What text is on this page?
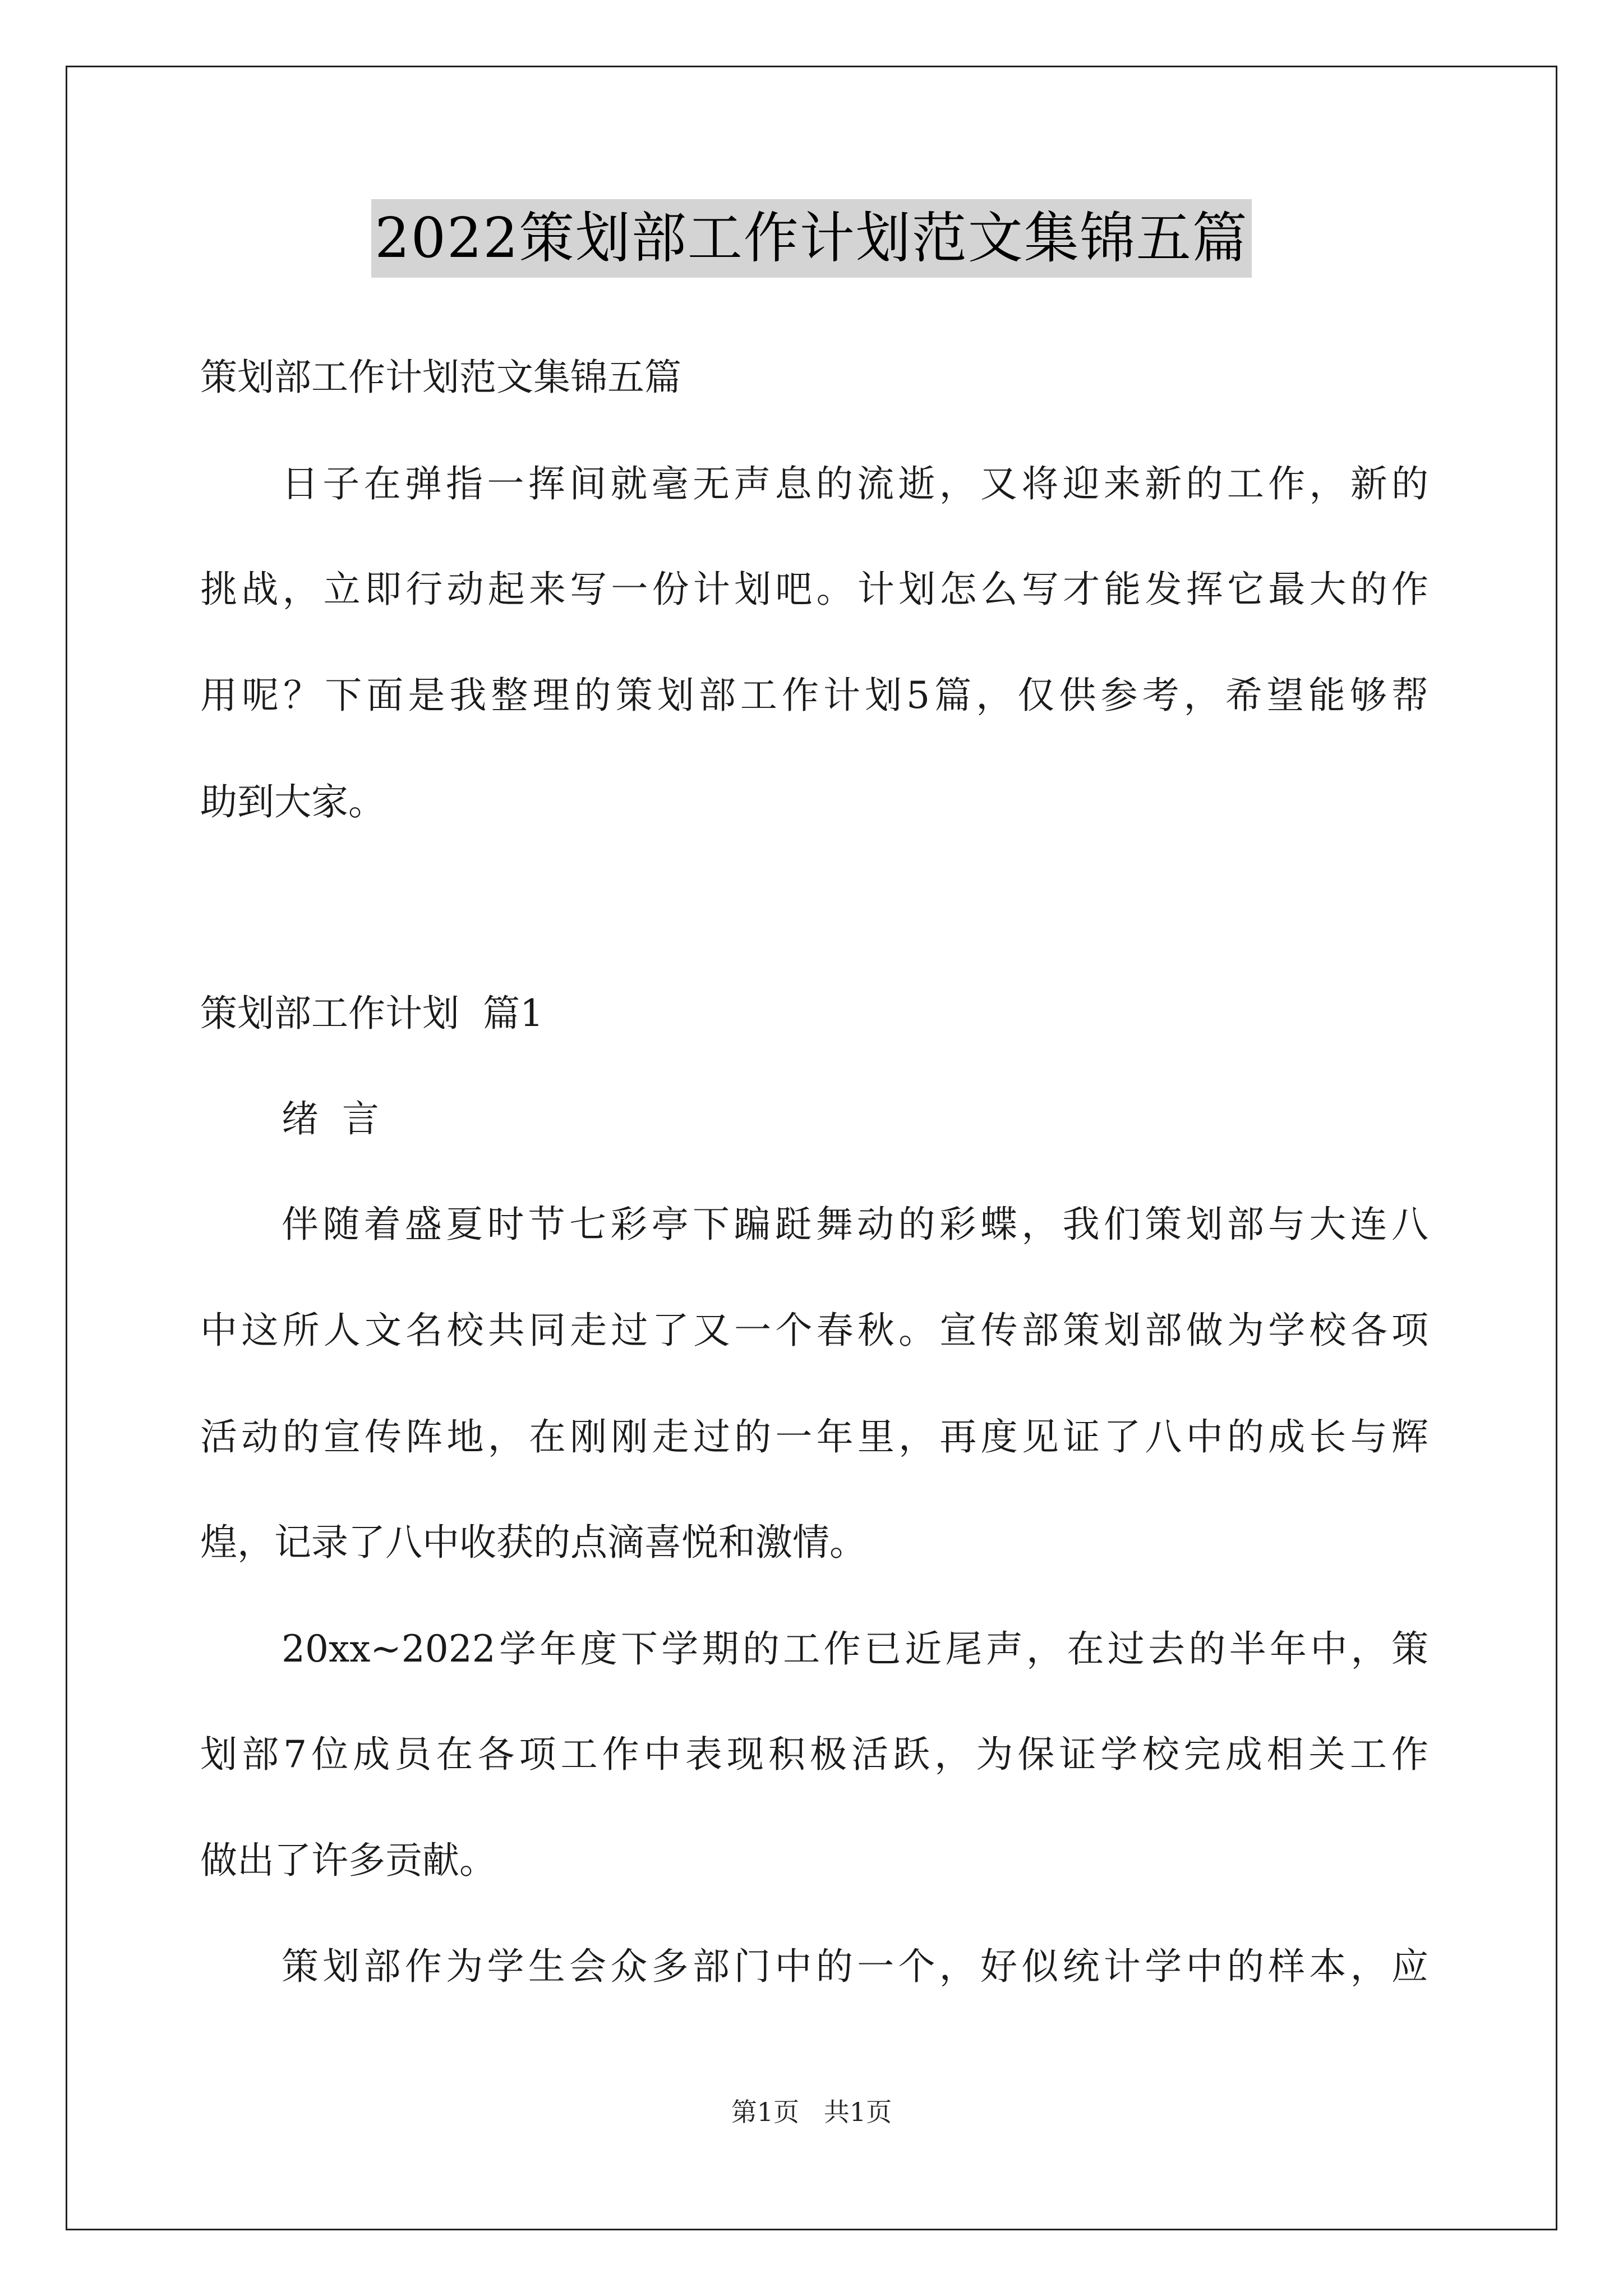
2022策划部工作计划范文集锦五篇
策划部工作计划范文集锦五篇
日子在弹指一挥间就毫无声息的流逝，又将迎来新的工作，新的
挑战，立即行动起来写一份计划吧。计划怎么写才能发挥它最大的作
用呢？下面是我整理的策划部工作计划5篇，仅供参考，希望能够帮
助到大家。
策划部工作计划  篇1
绪  言
伴随着盛夏时节七彩亭下蹁跹舞动的彩蝶，我们策划部与大连八
中这所人文名校共同走过了又一个春秋。宣传部策划部做为学校各项
活动的宣传阵地，在刚刚走过的一年里，再度见证了八中的成长与辉
煌，记录了八中收获的点滴喜悦和激情。
20xx~2022学年度下学期的工作已近尾声，在过去的半年中，策
划部7位成员在各项工作中表现积极活跃，为保证学校完成相关工作
做出了许多贡献。
策划部作为学生会众多部门中的一个，好似统计学中的样本，应
第1页   共1页
